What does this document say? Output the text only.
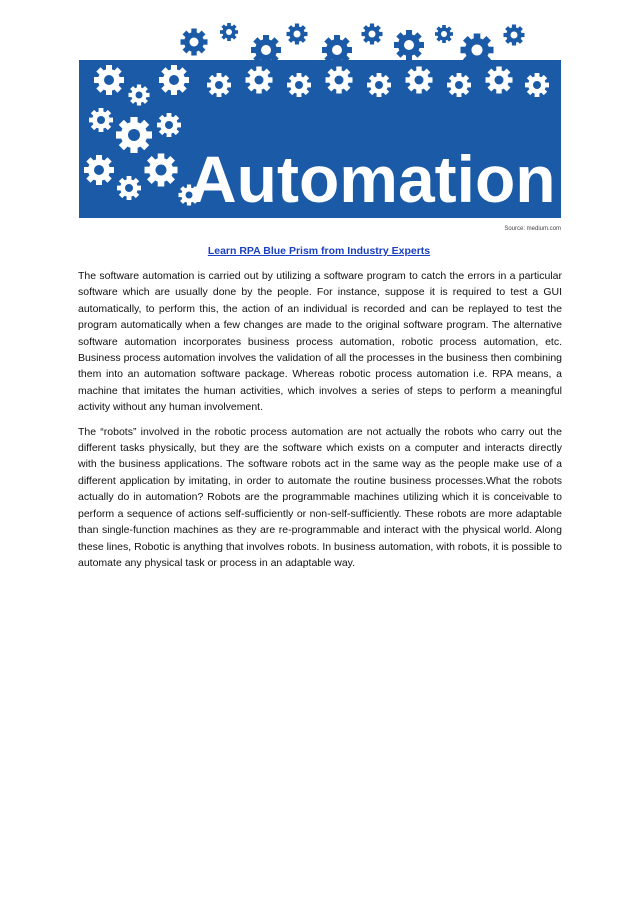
Automation
Source: medium.com
Learn RPA Blue Prism from Industry Experts

The software automation is carried out by utilizing a software program to catch the errors in a particular software which are usually done by the people. For instance, suppose it is required to test a GUI automatically, to perform this, the action of an individual is recorded and can be replayed to test the program automatically when a few changes are made to the original software program. The alternative software automation incorporates business process automation, robotic process automation, etc. Business process automation involves the validation of all the processes in the business then combining them into an automation software package. Whereas robotic process automation i.e. RPA means, a machine that imitates the human activities, which involves a series of steps to perform a meaningful activity without any human involvement.

The “robots” involved in the robotic process automation are not actually the robots who carry out the different tasks physically, but they are the software which exists on a computer and interacts directly with the business applications. The software robots act in the same way as the people make use of a different application by imitating, in order to automate the routine business processes.What the robots actually do in automation? Robots are the programmable machines utilizing which it is conceivable to perform a sequence of actions self-sufficiently or non-self-sufficiently. These robots are more adaptable than single-function machines as they are re-programmable and interact with the physical world. Along these lines, Robotic is anything that involves robots. In business automation, with robots, it is possible to automate any physical task or process in an adaptable way.
